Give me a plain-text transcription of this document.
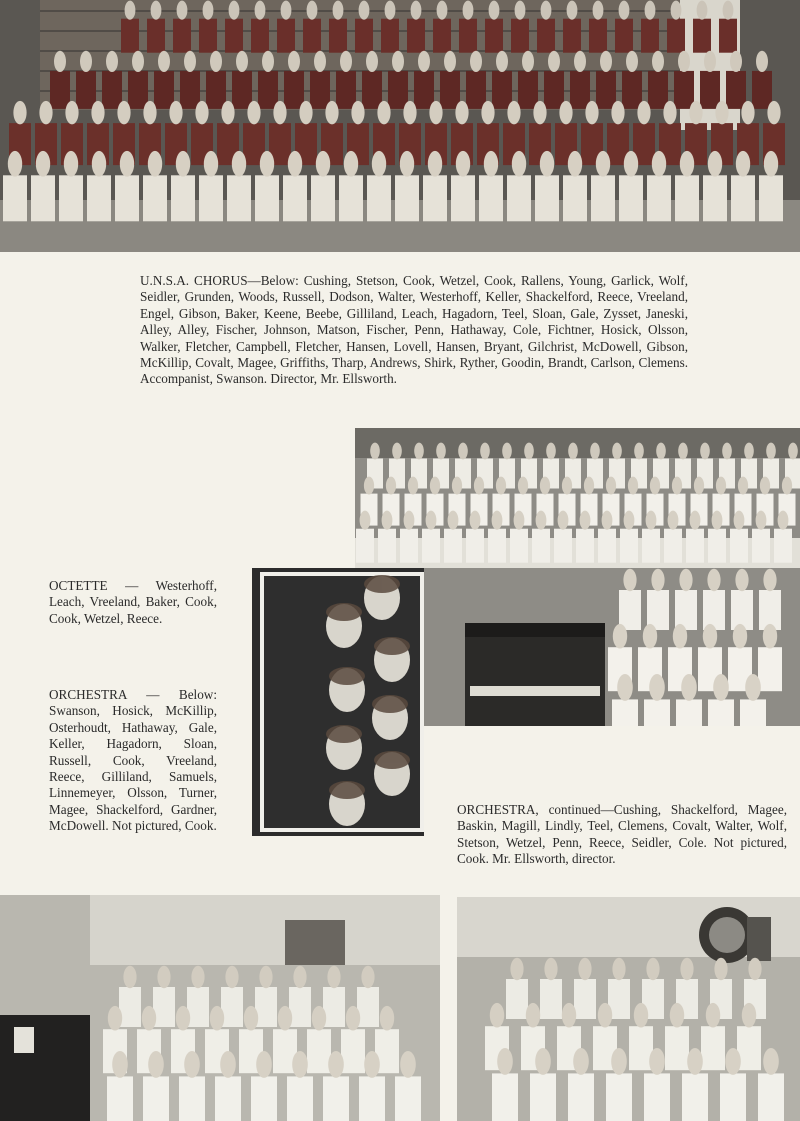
U.N.S.A. CHORUS—Below: Cushing, Stetson, Cook, Wetzel, Cook, Rallens, Young, Garlick, Wolf, Seidler, Grunden, Woods, Russell, Dodson, Walter, Westerhoff, Keller, Shackelford, Reece, Vreeland, Engel, Gibson, Baker, Keene, Beebe, Gilliland, Leach, Hagadorn, Teel, Sloan, Gale, Zysset, Janeski, Alley, Alley, Fischer, Johnson, Matson, Fischer, Penn, Hathaway, Cole, Fichtner, Hosick, Olsson, Walker, Fletcher, Campbell, Fletcher, Hansen, Lovell, Hansen, Bryant, Gilchrist, McDowell, Gibson, McKillip, Covalt, Magee, Griffiths, Tharp, Andrews, Shirk, Ryther, Goodin, Brandt, Carlson, Clemens. Accompanist, Swanson. Director, Mr. Ellsworth.

OCTETTE — Westerhoff, Leach, Vreeland, Baker, Cook, Cook, Wetzel, Reece.

ORCHESTRA — Below: Swanson, Hosick, McKillip, Osterhoudt, Hathaway, Gale, Keller, Hagadorn, Sloan, Russell, Cook, Vreeland, Reece, Gilliland, Samuels, Linnemeyer, Olsson, Turner, Magee, Shackelford, Gardner, McDowell. Not pictured, Cook.

ORCHESTRA, continued—Cushing, Shackelford, Magee, Baskin, Magill, Lindly, Teel, Clemens, Covalt, Walter, Wolf, Stetson, Wetzel, Penn, Reece, Seidler, Cole. Not pictured, Cook. Mr. Ellsworth, director.
